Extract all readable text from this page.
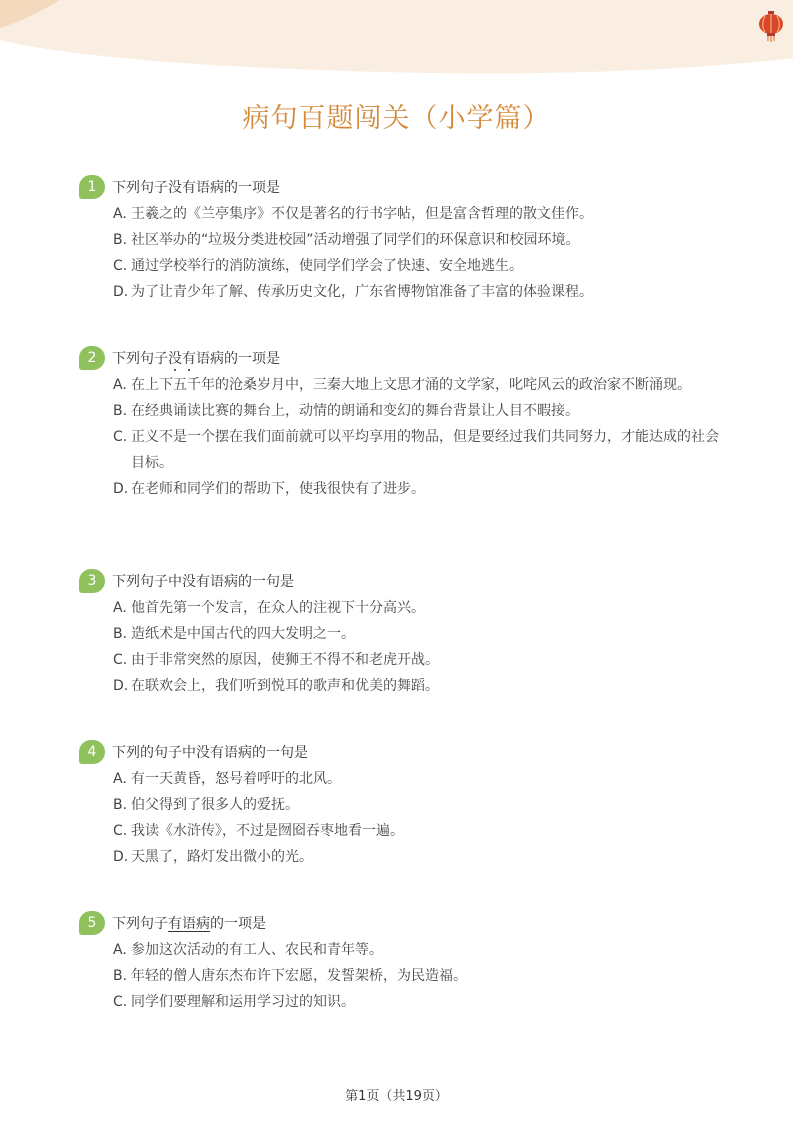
病句百题闯关（小学篇）
1	下列句子没有语病的一项是
A. 王羲之的《兰亭集序》不仅是著名的行书字帖，但是富含哲理的散文佳作。
B. 社区举办的“垃圾分类进校园”活动增强了同学们的环保意识和校园环境。
C. 通过学校举行的消防演练，使同学们学会了快速、安全地逃生。
D. 为了让青少年了解、传承历史文化，广东省博物馆准备了丰富的体验课程。
2	下列句子没有语病的一项是
A. 在上下五千年的沧桑岁月中，三秦大地上文思才涌的文学家，叱咤风云的政治家不断涌现。
B. 在经典诵读比赛的舞台上，动情的朗诵和变幻的舞台背景让人目不暇接。
C. 正义不是一个摆在我们面前就可以平均享用的物品，但是要经过我们共同努力，才能达成的社会目标。
D. 在老师和同学们的帮助下，使我很快有了进步。
3	下列句子中没有语病的一句是
A. 他首先第一个发言，在众人的注视下十分高兴。
B. 造纸术是中国古代的四大发明之一。
C. 由于非常突然的原因，使狮王不得不和老虎开战。
D. 在联欢会上，我们听到悦耳的歌声和优美的舞蹈。
4	下列的句子中没有语病的一句是
A. 有一天黄昏，怒号着呼吁的北风。
B. 伯父得到了很多人的爱抚。
C. 我读《水浒传》，不过是囫囵吞枣地看一遍。
D. 天黑了，路灯发出微小的光。
5	下列句子有语病的一项是
A. 参加这次活动的有工人、农民和青年等。
B. 年轻的僧人唐东杰布许下宏愿，发誓架桥，为民造福。
C. 同学们要理解和运用学习过的知识。
第1页（共19页）
